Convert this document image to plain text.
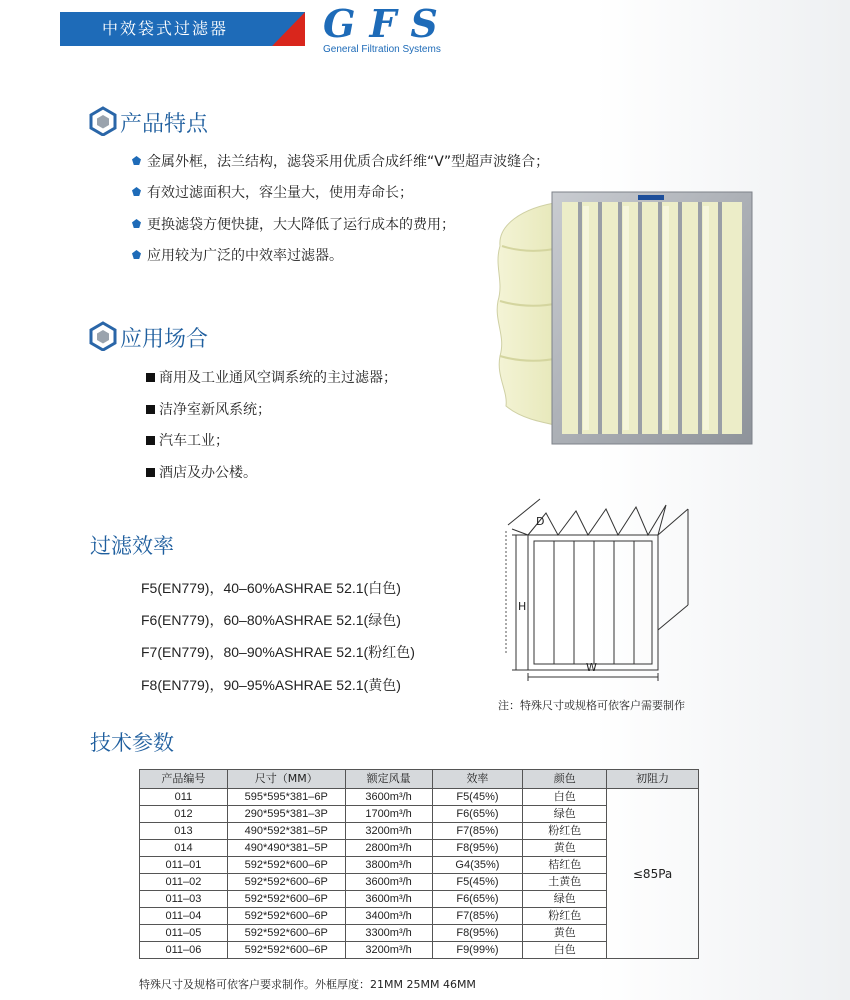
中效袋式过滤器	GFS
General Filtration Systems
产品特点
金属外框，法兰结构，滤袋采用优质合成纤维“V”型超声波缝合；
有效过滤面积大，容尘量大，使用寿命长；
更换滤袋方便快捷，大大降低了运行成本的费用；
应用较为广泛的中效率过滤器。
应用场合
商用及工业通风空调系统的主过滤器；
洁净室新风系统；
汽车工业；
酒店及办公楼。
过滤效率
F5(EN779)，40–60%ASHRAE 52.1(白色)
F6(EN779)，60–80%ASHRAE 52.1(绿色)
F7(EN779)，80–90%ASHRAE 52.1(粉红色)
F8(EN779)，90–95%ASHRAE 52.1(黄色)
D
H
W
注：特殊尺寸或规格可依客户需要制作
技术参数
产品编号	尺寸（MM）	额定风量	效率	颜色	初阻力
011	595*595*381–6P	3600m³/h	F5(45%)	白色	≤85Pa
012	290*595*381–3P	1700m³/h	F6(65%)	绿色	
013	490*592*381–5P	3200m³/h	F7(85%)	粉红色	
014	490*490*381–5P	2800m³/h	F8(95%)	黄色	
011–01	592*592*600–6P	3800m³/h	G4(35%)	桔红色	
011–02	592*592*600–6P	3600m³/h	F5(45%)	土黄色	
011–03	592*592*600–6P	3600m³/h	F6(65%)	绿色	
011–04	592*592*600–6P	3400m³/h	F7(85%)	粉红色	
011–05	592*592*600–6P	3300m³/h	F8(95%)	黄色	
011–06	592*592*600–6P	3200m³/h	F9(99%)	白色	
特殊尺寸及规格可依客户要求制作。外框厚度：21MM 25MM 46MM
